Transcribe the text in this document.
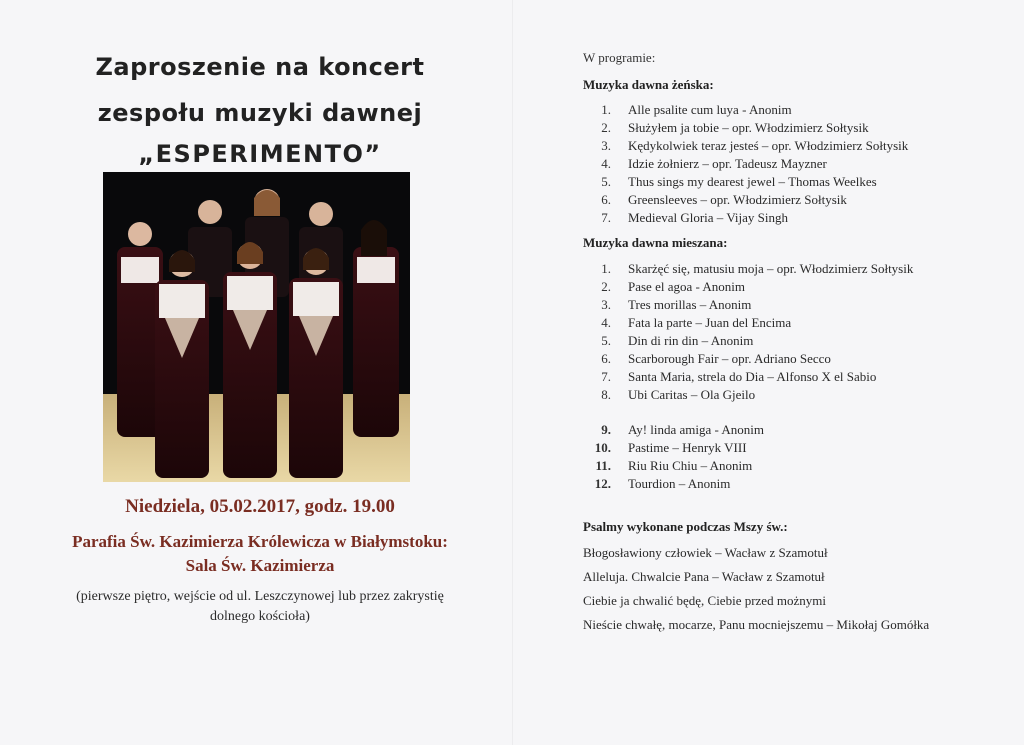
Zaproszenie na koncert
zespołu muzyki dawnej
„ESPERIMENTO”
Niedziela, 05.02.2017, godz. 19.00
Parafia Św. Kazimierza Królewicza w Białymstoku: Sala Św. Kazimierza
(pierwsze piętro, wejście od ul. Leszczynowej lub przez zakrystię dolnego kościoła)
W programie:
Muzyka dawna żeńska:
1. Alle psalite cum luya - Anonim
2. Służyłem ja tobie – opr. Włodzimierz Sołtysik
3. Kędykolwiek teraz jesteś – opr. Włodzimierz Sołtysik
4. Idzie żołnierz – opr. Tadeusz Mayzner
5. Thus sings my dearest jewel – Thomas Weelkes
6. Greensleeves – opr. Włodzimierz Sołtysik
7. Medieval Gloria – Vijay Singh
Muzyka dawna mieszana:
1. Skarżęć się, matusiu moja – opr. Włodzimierz Sołtysik
2. Pase el agoa - Anonim
3. Tres morillas – Anonim
4. Fata la parte – Juan del Encima
5. Din di rin din – Anonim
6. Scarborough Fair – opr. Adriano Secco
7. Santa Maria, strela do Dia – Alfonso X el Sabio
8. Ubi Caritas – Ola Gjeilo
9. Ay! linda amiga - Anonim
10. Pastime – Henryk VIII
11. Riu Riu Chiu – Anonim
12. Tourdion – Anonim
Psalmy wykonane podczas Mszy św.:
Błogosławiony człowiek – Wacław z Szamotuł
Alleluja. Chwalcie Pana – Wacław z Szamotuł
Ciebie ja chwalić będę, Ciebie przed możnymi
Nieście chwałę, mocarze, Panu mocniejszemu – Mikołaj Gomółka
